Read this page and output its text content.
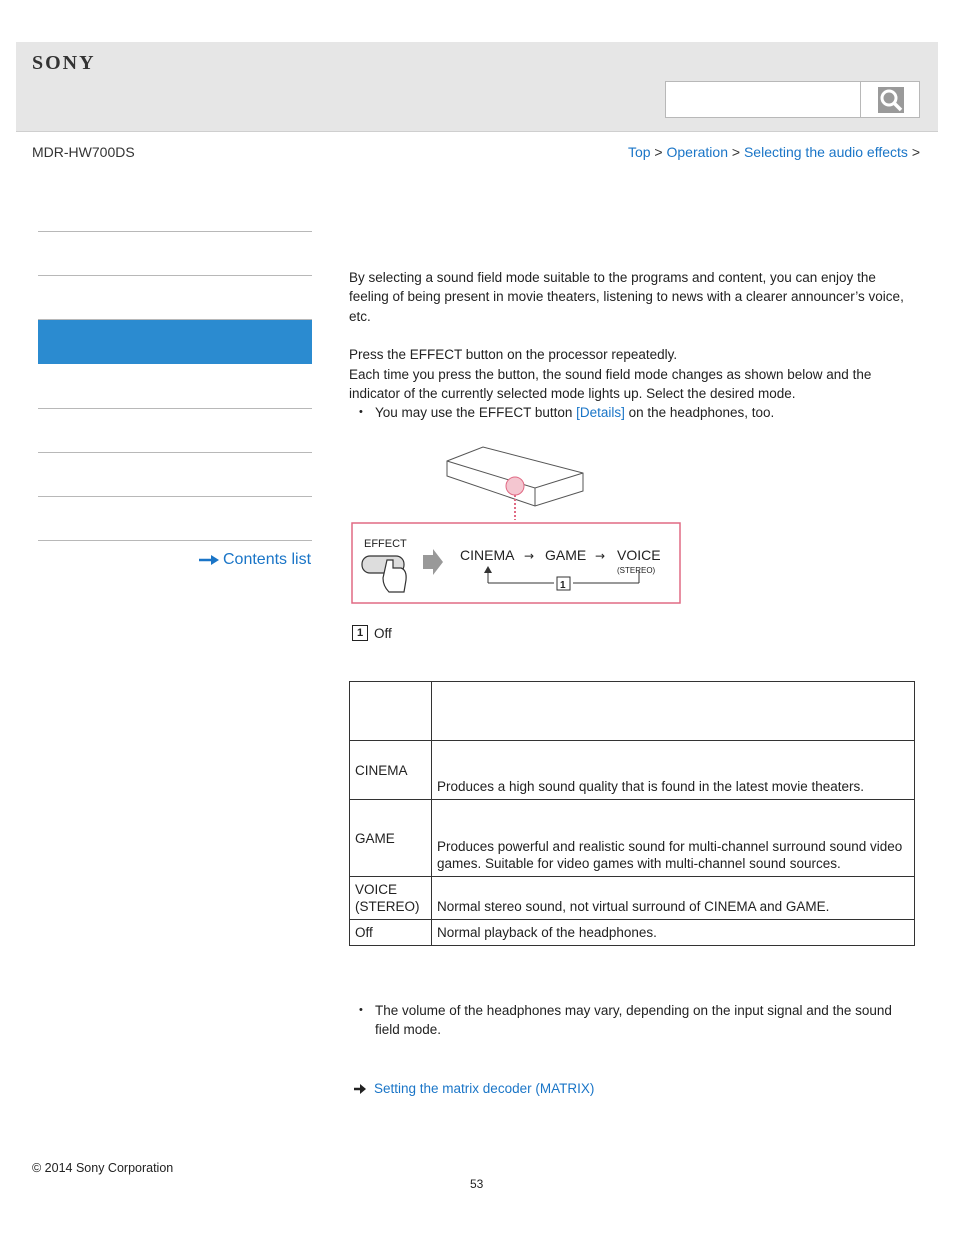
SONY
MDR-HW700DS	Top > Operation > Selecting the audio effects >
Contents list

By selecting a sound field mode suitable to the programs and content, you can enjoy the feeling of being present in movie theaters, listening to news with a clearer announcer’s voice, etc.

Press the EFFECT button on the processor repeatedly.

Each time you press the button, the sound field mode changes as shown below and the indicator of the currently selected mode lights up. Select the desired mode.

• You may use the EFFECT button [Details] on the headphones, too.

EFFECT
CINEMA → GAME → VOICE
(STEREO)
1
1 Off

CINEMA	Produces a high sound quality that is found in the latest movie theaters.
GAME	Produces powerful and realistic sound for multi-channel surround sound video games. Suitable for video games with multi-channel sound sources.
VOICE (STEREO)	Normal stereo sound, not virtual surround of CINEMA and GAME.
Off	Normal playback of the headphones.

• The volume of the headphones may vary, depending on the input signal and the sound field mode.

Setting the matrix decoder (MATRIX)
© 2014 Sony Corporation
53
